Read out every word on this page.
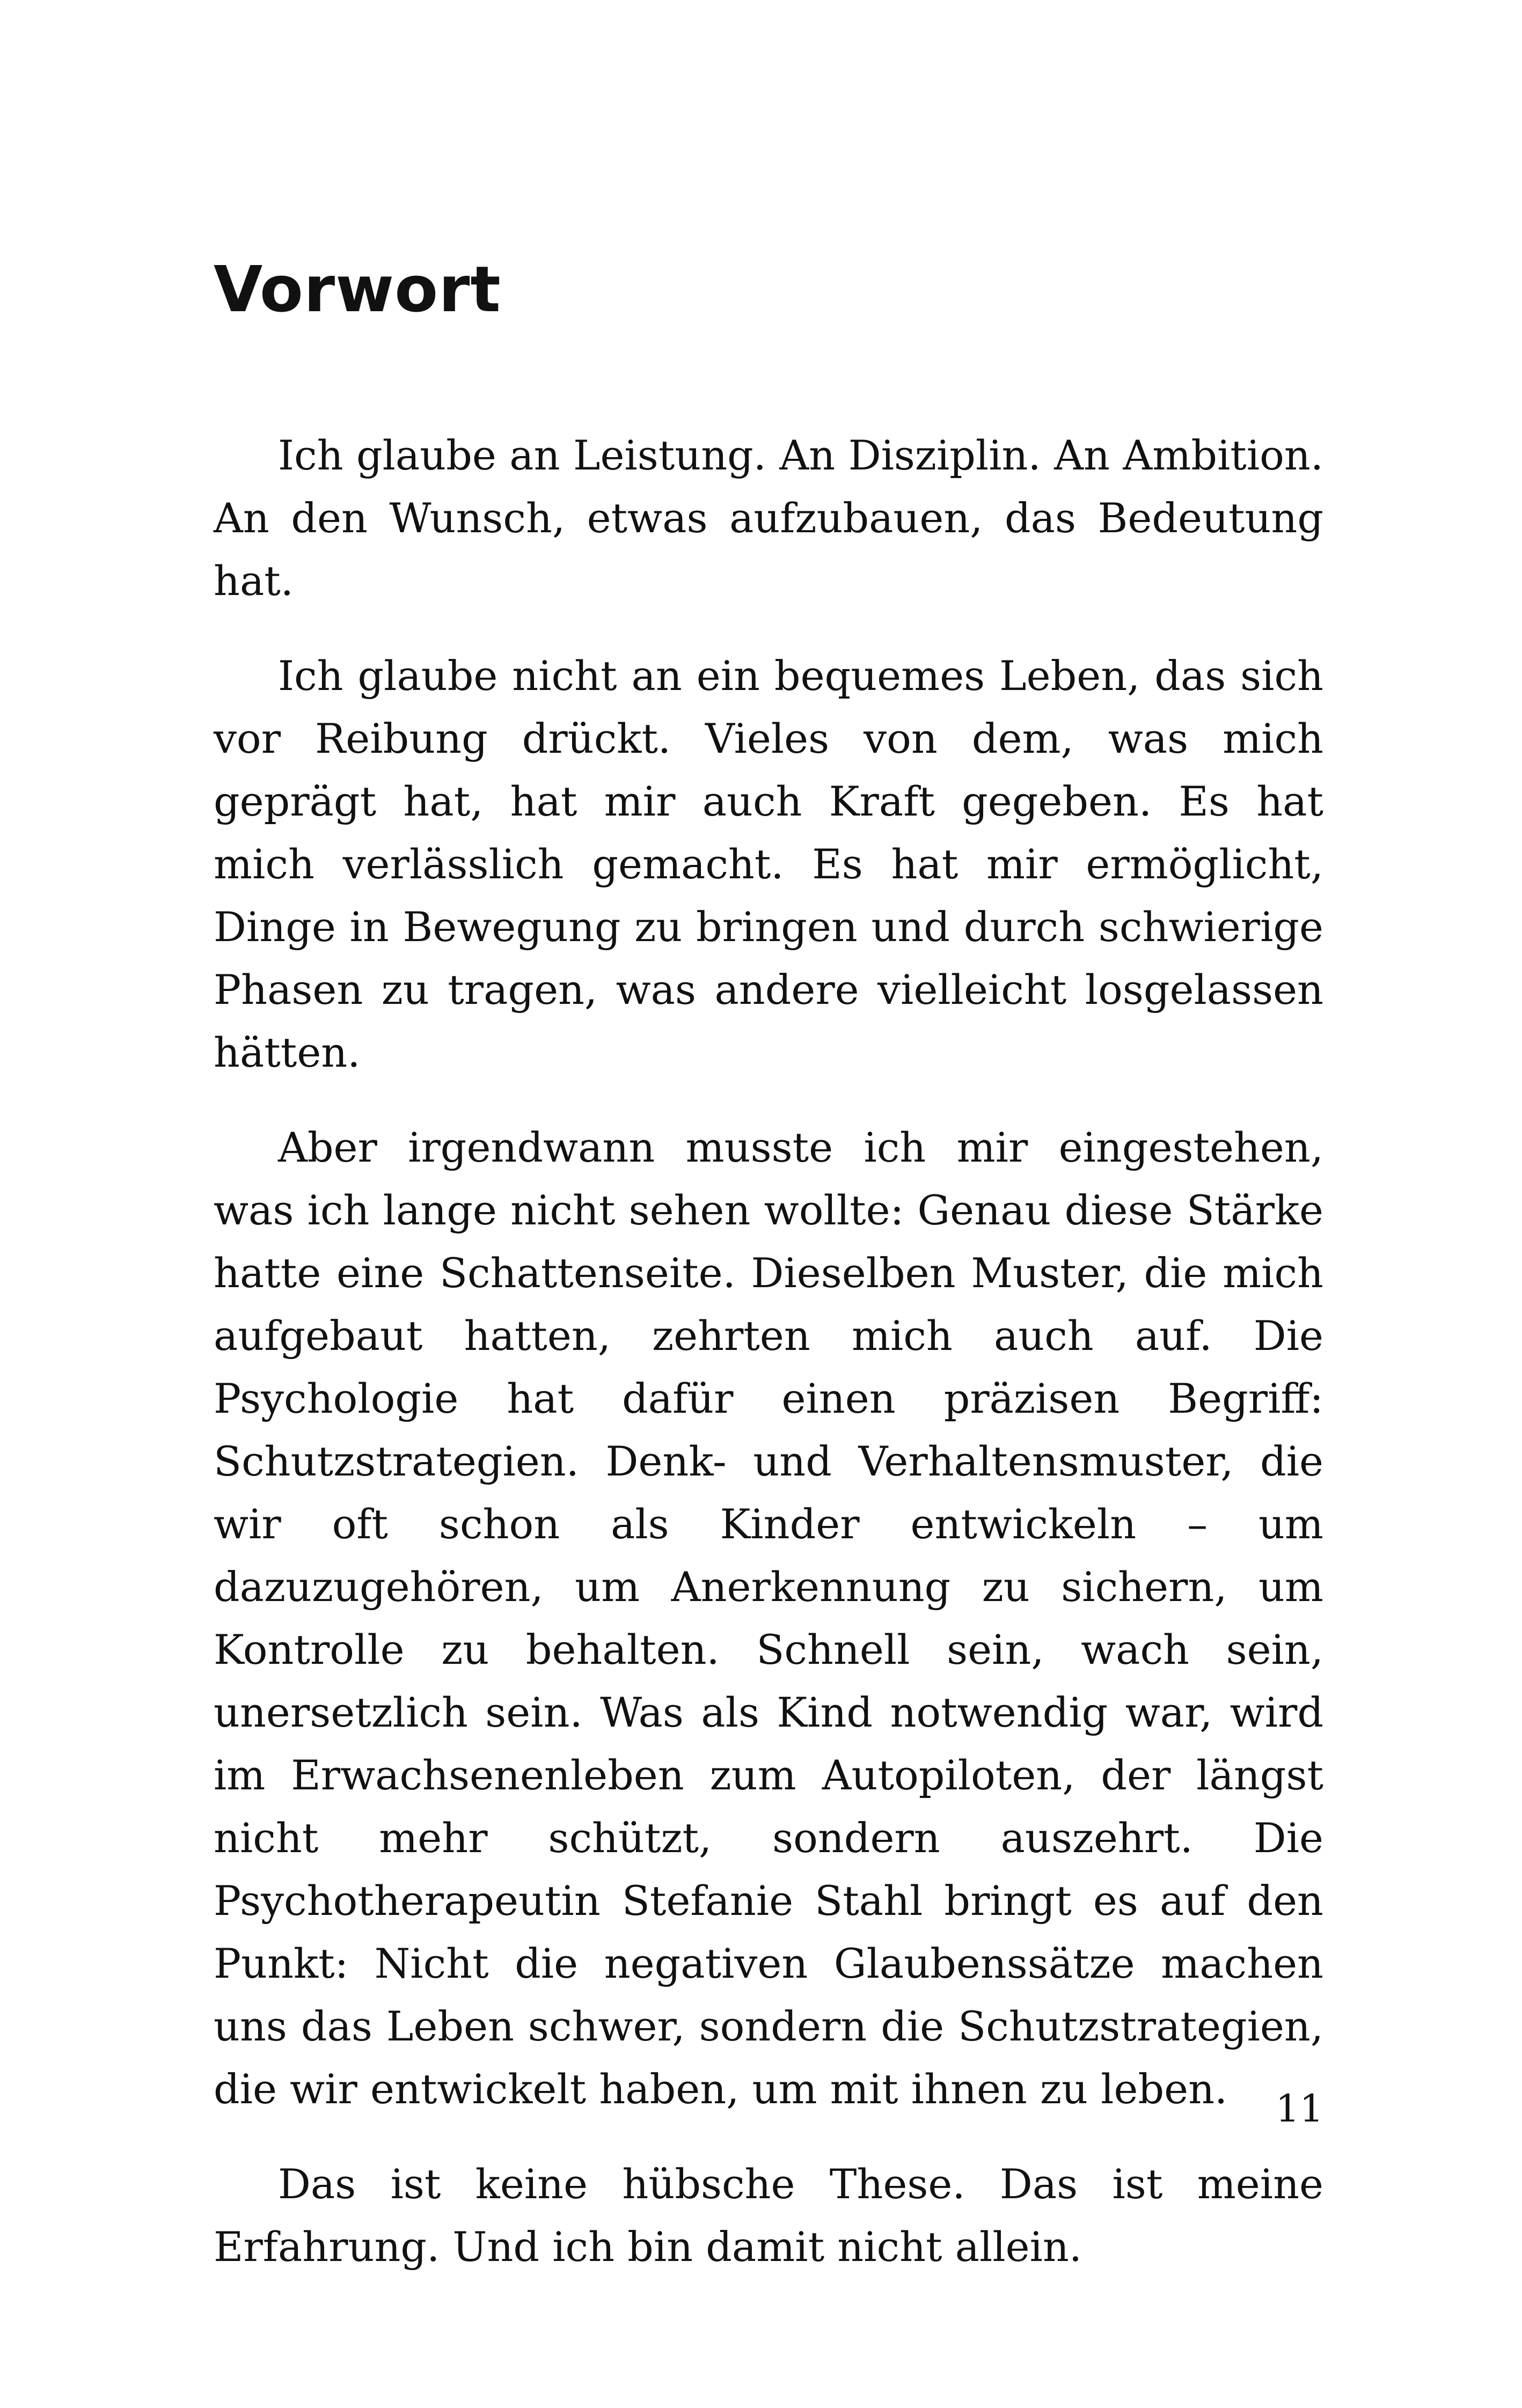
Vorwort

Ich glaube an Leistung. An Disziplin. An Ambition. An den Wunsch, etwas aufzubauen, das Bedeutung hat.

Ich glaube nicht an ein bequemes Leben, das sich vor Reibung drückt. Vieles von dem, was mich geprägt hat, hat mir auch Kraft gegeben. Es hat mich verlässlich gemacht. Es hat mir ermöglicht, Dinge in Bewegung zu bringen und durch schwierige Phasen zu tragen, was andere vielleicht losgelassen hätten.

Aber irgendwann musste ich mir eingestehen, was ich lange nicht sehen wollte: Genau diese Stärke hatte eine Schattenseite. Dieselben Muster, die mich aufgebaut hatten, zehrten mich auch auf. Die Psychologie hat dafür einen präzisen Begriff: Schutzstrategien. Denk- und Verhaltensmuster, die wir oft schon als Kinder entwickeln – um dazuzugehören, um Anerkennung zu sichern, um Kontrolle zu behalten. Schnell sein, wach sein, unersetzlich sein. Was als Kind notwendig war, wird im Erwachsenenleben zum Autopiloten, der längst nicht mehr schützt, sondern auszehrt. Die Psychotherapeutin Stefanie Stahl bringt es auf den Punkt: Nicht die negativen Glaubenssätze machen uns das Leben schwer, sondern die Schutzstrategien, die wir entwickelt haben, um mit ihnen zu leben.

Das ist keine hübsche These. Das ist meine Erfahrung. Und ich bin damit nicht allein.

11
